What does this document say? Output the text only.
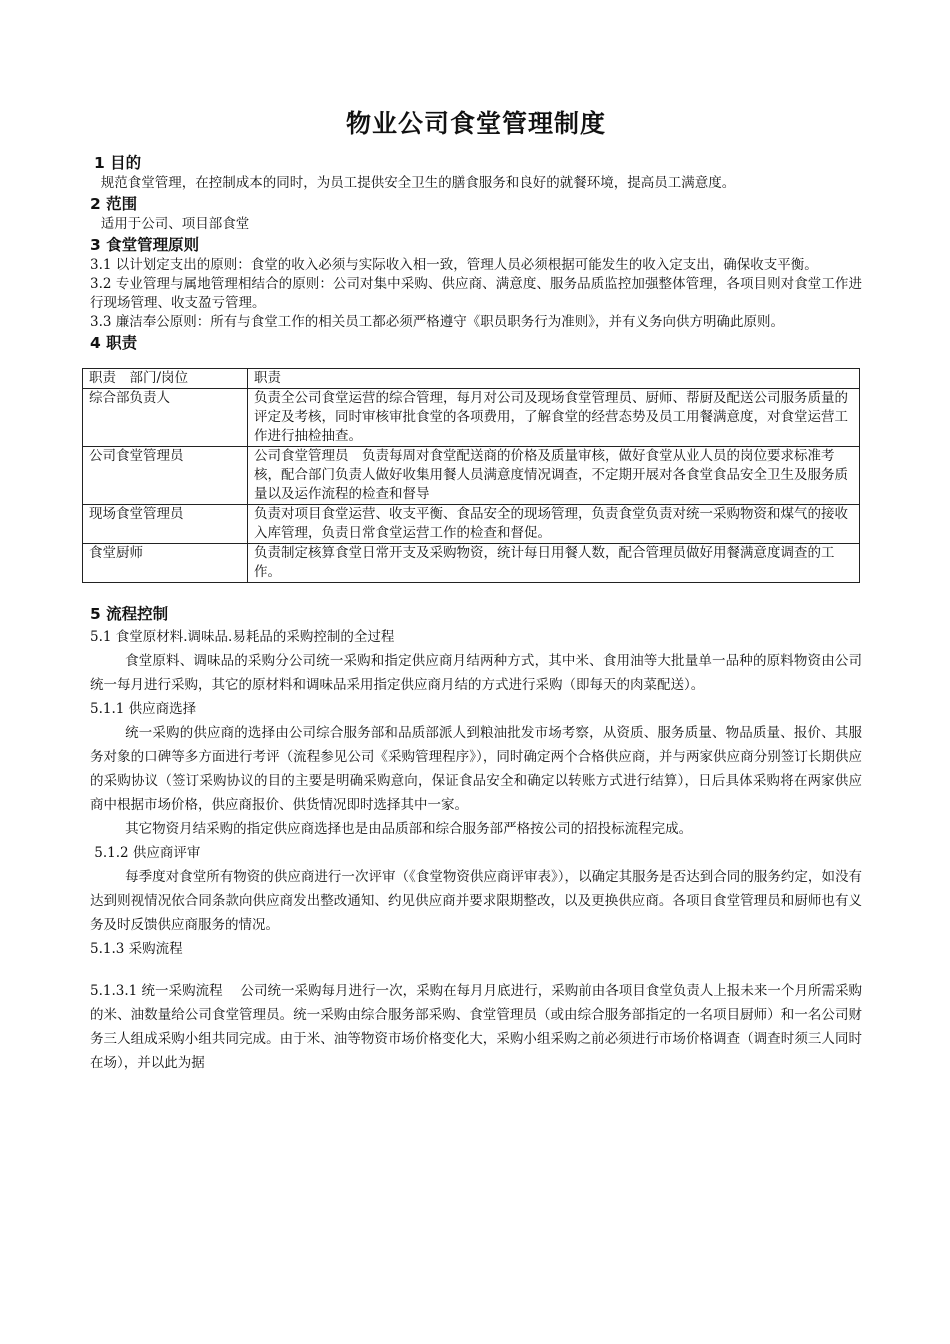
物业公司食堂管理制度
1 目的
规范食堂管理，在控制成本的同时，为员工提供安全卫生的膳食服务和良好的就餐环境，提高员工满意度。
2 范围
适用于公司、项目部食堂
3 食堂管理原则
3.1 以计划定支出的原则：食堂的收入必须与实际收入相一致，管理人员必须根据可能发生的收入定支出，确保收支平衡。
3.2 专业管理与属地管理相结合的原则：公司对集中采购、供应商、满意度、服务品质监控加强整体管理，各项目则对食堂工作进行现场管理、收支盈亏管理。
3.3 廉洁奉公原则：所有与食堂工作的相关员工都必须严格遵守《职员职务行为准则》，并有义务向供方明确此原则。
4 职责
职责　部门/岗位	职责
综合部负责人	负责全公司食堂运营的综合管理，每月对公司及现场食堂管理员、厨师、帮厨及配送公司服务质量的评定及考核，同时审核审批食堂的各项费用，了解食堂的经营态势及员工用餐满意度，对食堂运营工作进行抽检抽查。
公司食堂管理员	公司食堂管理员　负责每周对食堂配送商的价格及质量审核，做好食堂从业人员的岗位要求标准考核，配合部门负责人做好收集用餐人员满意度情况调查，不定期开展对各食堂食品安全卫生及服务质量以及运作流程的检查和督导
现场食堂管理员	负责对项目食堂运营、收支平衡、食品安全的现场管理，负责食堂负责对统一采购物资和煤气的接收入库管理，负责日常食堂运营工作的检查和督促。
食堂厨师	负责制定核算食堂日常开支及采购物资，统计每日用餐人数，配合管理员做好用餐满意度调查的工作。
5 流程控制
5.1 食堂原材料.调味品.易耗品的采购控制的全过程
食堂原料、调味品的采购分公司统一采购和指定供应商月结两种方式，其中米、食用油等大批量单一品种的原料物资由公司统一每月进行采购，其它的原材料和调味品采用指定供应商月结的方式进行采购（即每天的肉菜配送）。
5.1.1 供应商选择
统一采购的供应商的选择由公司综合服务部和品质部派人到粮油批发市场考察，从资质、服务质量、物品质量、报价、其服务对象的口碑等多方面进行考评（流程参见公司《采购管理程序》），同时确定两个合格供应商，并与两家供应商分别签订长期供应的采购协议（签订采购协议的目的主要是明确采购意向，保证食品安全和确定以转账方式进行结算），日后具体采购将在两家供应商中根据市场价格，供应商报价、供货情况即时选择其中一家。
其它物资月结采购的指定供应商选择也是由品质部和综合服务部严格按公司的招投标流程完成。
5.1.2 供应商评审
每季度对食堂所有物资的供应商进行一次评审（《食堂物资供应商评审表》），以确定其服务是否达到合同的服务约定，如没有达到则视情况依合同条款向供应商发出整改通知、约见供应商并要求限期整改，以及更换供应商。各项目食堂管理员和厨师也有义务及时反馈供应商服务的情况。
5.1.3 采购流程
5.1.3.1 统一采购流程　 公司统一采购每月进行一次，采购在每月月底进行，采购前由各项目食堂负责人上报未来一个月所需采购的米、油数量给公司食堂管理员。统一采购由综合服务部采购、食堂管理员（或由综合服务部指定的一名项目厨师）和一名公司财务三人组成采购小组共同完成。由于米、油等物资市场价格变化大，采购小组采购之前必须进行市场价格调查（调查时须三人同时在场），并以此为据
